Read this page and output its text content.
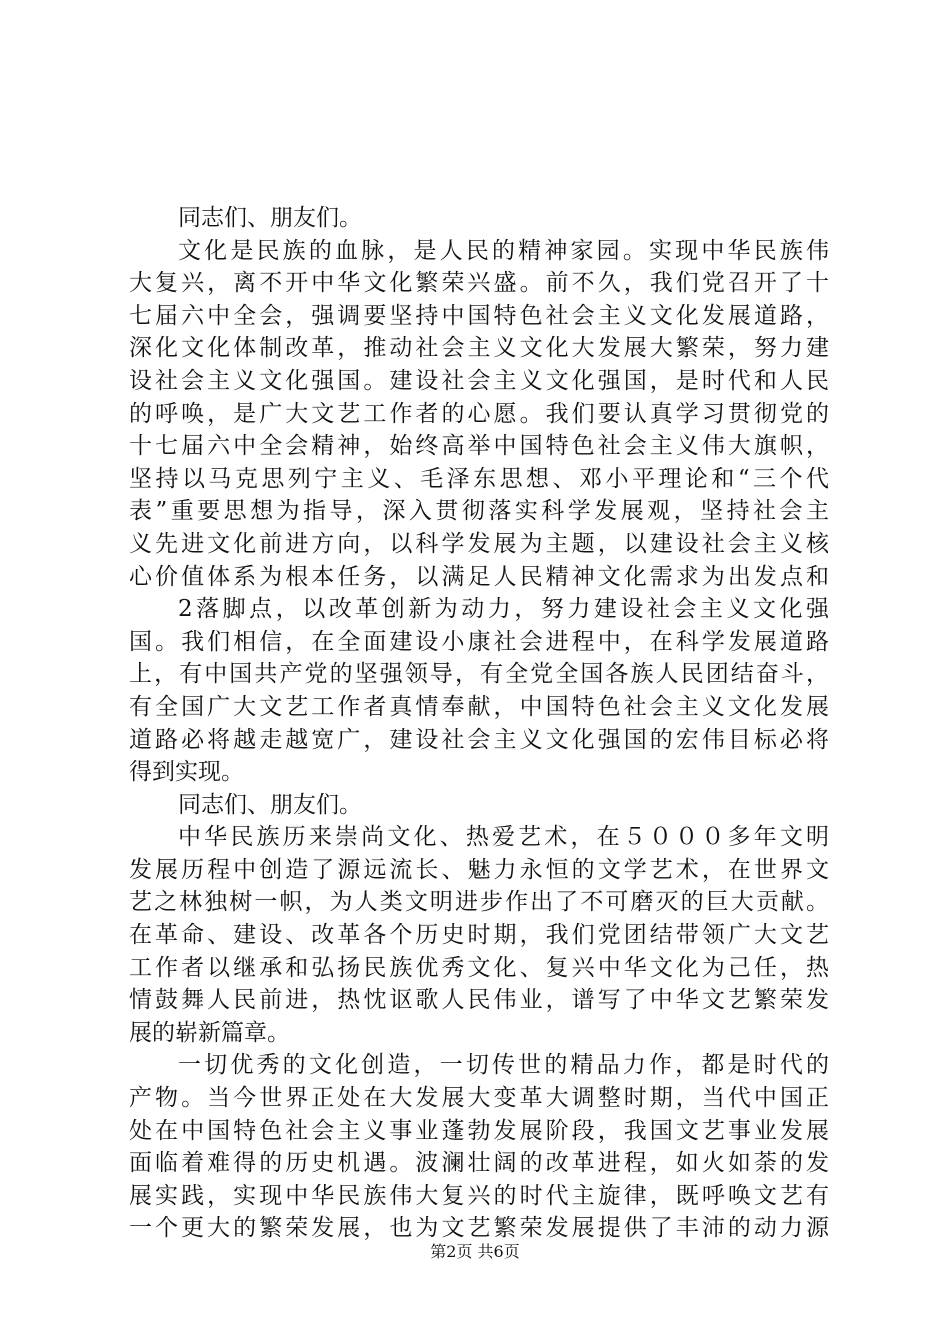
同志们、朋友们。
文化是民族的血脉，是人民的精神家园。实现中华民族伟
大复兴，离不开中华文化繁荣兴盛。前不久，我们党召开了十
七届六中全会，强调要坚持中国特色社会主义文化发展道路，
深化文化体制改革，推动社会主义文化大发展大繁荣，努力建
设社会主义文化强国。建设社会主义文化强国，是时代和人民
的呼唤，是广大文艺工作者的心愿。我们要认真学习贯彻党的
十七届六中全会精神，始终高举中国特色社会主义伟大旗帜，
坚持以马克思列宁主义、毛泽东思想、邓小平理论和“三个代
表”重要思想为指导，深入贯彻落实科学发展观，坚持社会主
义先进文化前进方向，以科学发展为主题，以建设社会主义核
心价值体系为根本任务，以满足人民精神文化需求为出发点和
2落脚点，以改革创新为动力，努力建设社会主义文化强
国。我们相信，在全面建设小康社会进程中，在科学发展道路
上，有中国共产党的坚强领导，有全党全国各族人民团结奋斗，
有全国广大文艺工作者真情奉献，中国特色社会主义文化发展
道路必将越走越宽广，建设社会主义文化强国的宏伟目标必将
得到实现。
同志们、朋友们。
中华民族历来崇尚文化、热爱艺术，在５０００多年文明
发展历程中创造了源远流长、魅力永恒的文学艺术，在世界文
艺之林独树一帜，为人类文明进步作出了不可磨灭的巨大贡献。
在革命、建设、改革各个历史时期，我们党团结带领广大文艺
工作者以继承和弘扬民族优秀文化、复兴中华文化为己任，热
情鼓舞人民前进，热忱讴歌人民伟业，谱写了中华文艺繁荣发
展的崭新篇章。
一切优秀的文化创造，一切传世的精品力作，都是时代的
产物。当今世界正处在大发展大变革大调整时期，当代中国正
处在中国特色社会主义事业蓬勃发展阶段，我国文艺事业发展
面临着难得的历史机遇。波澜壮阔的改革进程，如火如荼的发
展实践，实现中华民族伟大复兴的时代主旋律，既呼唤文艺有
一个更大的繁荣发展，也为文艺繁荣发展提供了丰沛的动力源
第2页 共6页
